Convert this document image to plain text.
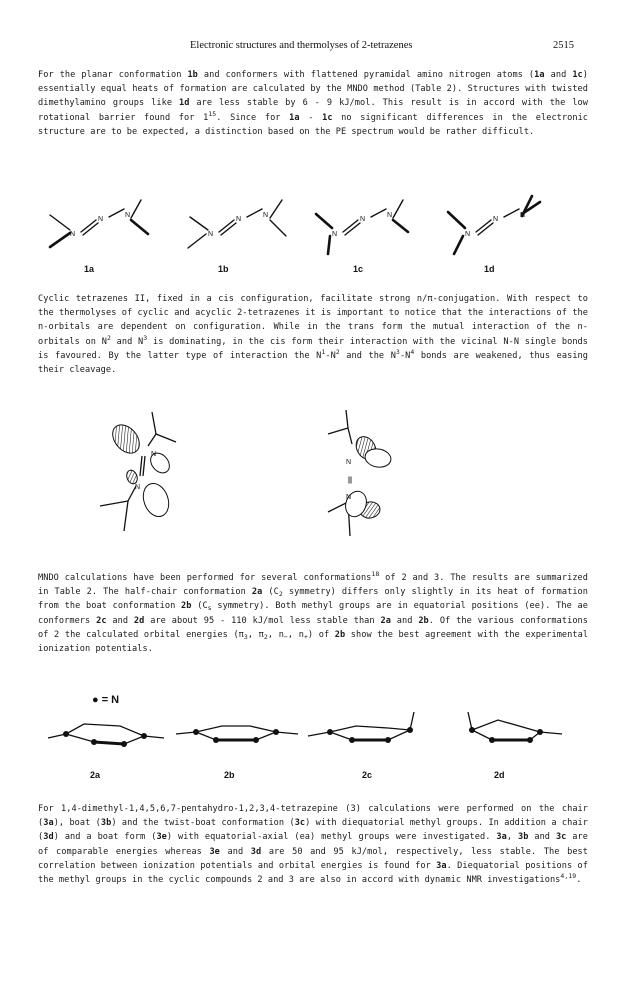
Electronic structures and thermolyses of 2-tetrazenes	2515
For the planar conformation 1b and conformers with flattened pyramidal amino nitrogen atoms (1a and 1c) essentially equal heats of formation are calculated by the MNDO method (Table 2). Structures with twisted dimethylamino groups like 1d are less stable by 6 - 9 kJ/mol. This result is in accord with the low rotational barrier found for $1^{15}$. Since for 1a - 1c no significant differences in the electronic structure are to be expected, a distinction based on the PE spectrum would be rather difficult.
N
N
N
N
N
N
N
N
N
N
N
N
1a	1b	1c	1d
Cyclic tetrazenes II, fixed in a cis configuration, facilitate strong n/π-conjugation. With respect to the thermolyses of cyclic and acyclic 2-tetrazenes it is important to notice that the interactions of the n-orbitals are dependent on configuration. While in the trans form the mutual interaction of the n-orbitals on $N^2$ and $N^3$ is dominating, in the cis form their interaction with the vicinal N-N single bonds is favoured. By the latter type of interaction the $N^1-N^2$ and the $N^3-N^4$ bonds are weakened, thus easing their cleavage.
N
N
N
||
N
MNDO calculations have been performed for several conformations$^{18}$ of 2 and 3. The results are summarized in Table 2. The half-chair conformation 2a ($C_2$ symmetry) differs only slightly in its heat of formation from the boat conformation 2b ($C_s$ symmetry). Both methyl groups are in equatorial positions (ee). The ae conformers 2c and 2d are about 95 - 110 kJ/mol less stable than 2a and 2b. Of the various conformations of 2 the calculated orbital energies ($\pi_3$, $\pi_2$, $n_-$, $n_+$) of 2b show the best agreement with the experimental ionization potentials.
● = N
2a	2b	2c	2d
For 1,4-dimethyl-1,4,5,6,7-pentahydro-1,2,3,4-tetrazepine (3) calculations were performed on the chair (3a), boat (3b) and the twist-boat conformation (3c) with diequatorial methyl groups. In addition a chair (3d) and a boat form (3e) with equatorial-axial (ea) methyl groups were investigated. 3a, 3b and 3c are of comparable energies whereas 3e and 3d are 50 and 95 kJ/mol, respectively, less stable. The best correlation between ionization potentials and orbital energies is found for 3a. Diequatorial positions of the methyl groups in the cyclic compounds 2 and 3 are also in accord with dynamic NMR investigations$^{4,19}$.
